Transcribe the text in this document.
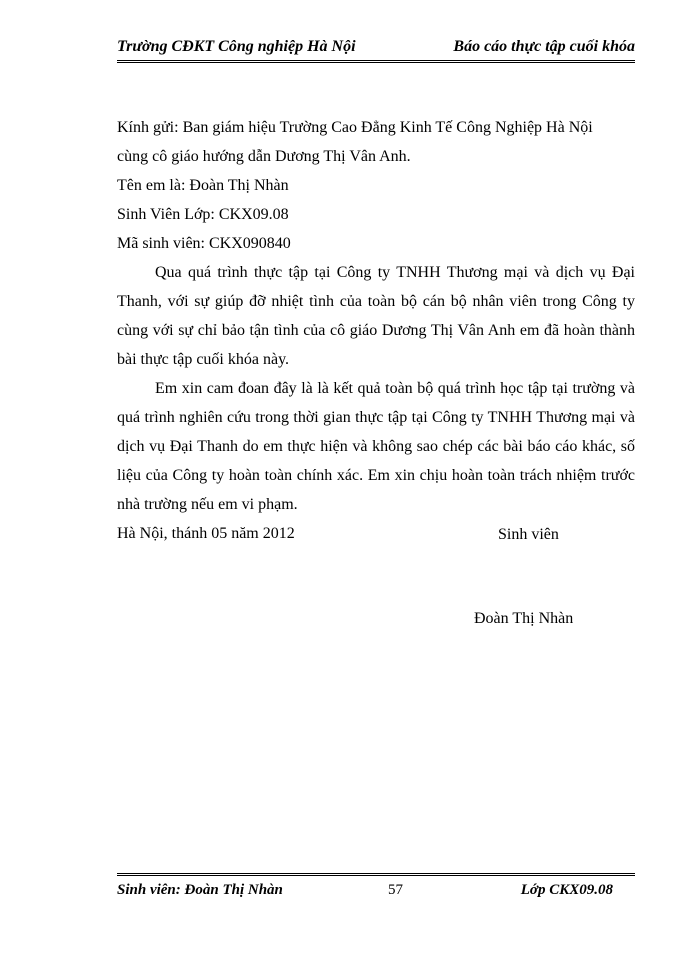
Trường CĐKT Công nghiệp Hà Nội	Báo cáo thực tập cuối khóa

Kính gửi: Ban giám hiệu Trường Cao Đẳng Kinh Tế Công Nghiệp Hà Nội

cùng cô giáo hướng dẫn Dương Thị Vân Anh.

Tên em là: Đoàn Thị Nhàn

Sinh Viên Lớp: CKX09.08

Mã sinh viên: CKX090840

Qua quá trình thực tập tại Công ty TNHH Thương mại và dịch vụ Đại Thanh, với sự giúp đỡ nhiệt tình của toàn bộ cán bộ nhân viên trong Công ty cùng với sự chỉ bảo tận tình của cô giáo Dương Thị Vân Anh em đã hoàn thành bài thực tập cuối khóa này.

Em xin cam đoan đây là là kết quả toàn bộ quá trình học tập tại trường và quá trình nghiên cứu trong thời gian thực tập tại Công ty TNHH Thương mại và dịch vụ Đại Thanh do em thực hiện và không sao chép các bài báo cáo khác, số liệu của Công ty hoàn toàn chính xác. Em xin chịu hoàn toàn trách nhiệm trước nhà trường nếu em vi phạm.

Hà Nội, thánh 05 năm 2012	Sinh viên
Đoàn Thị Nhàn
Sinh viên: Đoàn Thị Nhàn	57	Lớp CKX09.08
